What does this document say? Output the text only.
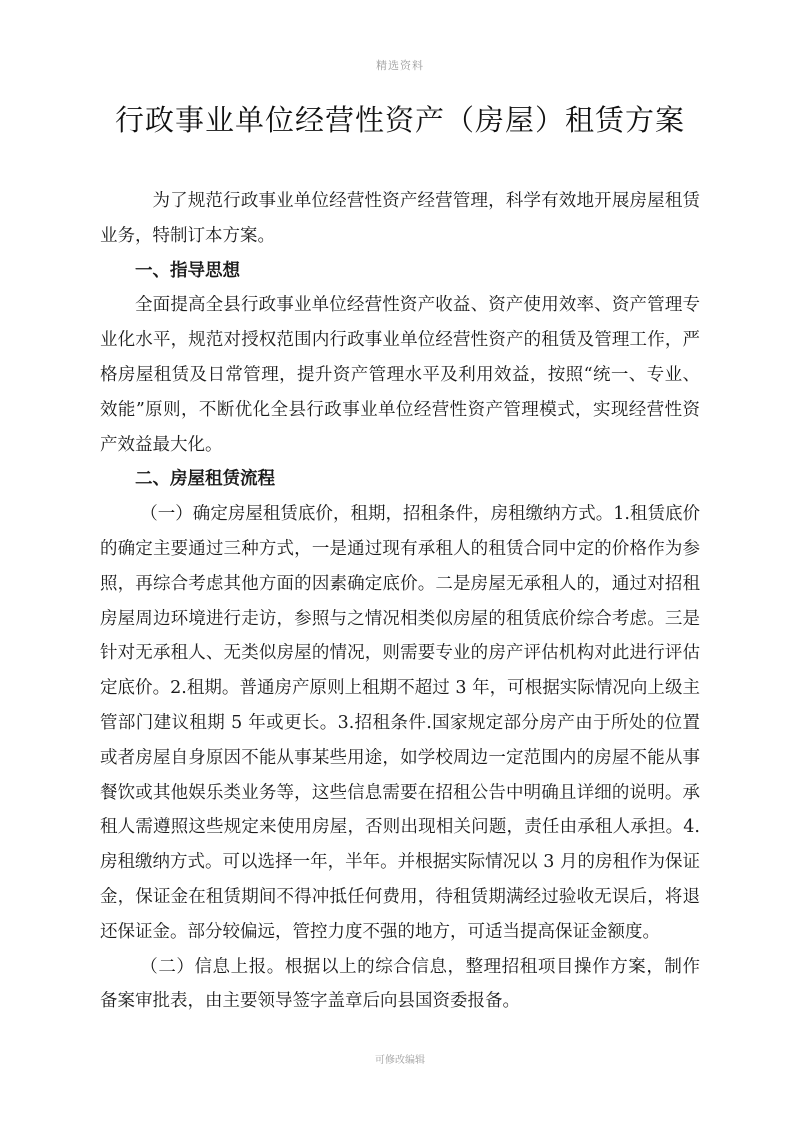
精选资料
行政事业单位经营性资产（房屋）租赁方案

为了规范行政事业单位经营性资产经营管理，科学有效地开展房屋租赁业务，特制订本方案。

一、指导思想

全面提高全县行政事业单位经营性资产收益、资产使用效率、资产管理专业化水平，规范对授权范围内行政事业单位经营性资产的租赁及管理工作，严格房屋租赁及日常管理，提升资产管理水平及利用效益，按照“统一、专业、效能”原则，不断优化全县行政事业单位经营性资产管理模式，实现经营性资产效益最大化。

二、房屋租赁流程

（一）确定房屋租赁底价，租期，招租条件，房租缴纳方式。1.租赁底价的确定主要通过三种方式，一是通过现有承租人的租赁合同中定的价格作为参照，再综合考虑其他方面的因素确定底价。二是房屋无承租人的，通过对招租房屋周边环境进行走访，参照与之情况相类似房屋的租赁底价综合考虑。三是针对无承租人、无类似房屋的情况，则需要专业的房产评估机构对此进行评估定底价。2.租期。普通房产原则上租期不超过 3 年，可根据实际情况向上级主管部门建议租期 5 年或更长。3.招租条件.国家规定部分房产由于所处的位置或者房屋自身原因不能从事某些用途，如学校周边一定范围内的房屋不能从事餐饮或其他娱乐类业务等，这些信息需要在招租公告中明确且详细的说明。承租人需遵照这些规定来使用房屋，否则出现相关问题，责任由承租人承担。4.房租缴纳方式。可以选择一年，半年。并根据实际情况以 3 月的房租作为保证金，保证金在租赁期间不得冲抵任何费用，待租赁期满经过验收无误后，将退还保证金。部分较偏远，管控力度不强的地方，可适当提高保证金额度。

（二）信息上报。根据以上的综合信息，整理招租项目操作方案，制作备案审批表，由主要领导签字盖章后向县国资委报备。

可修改编辑
